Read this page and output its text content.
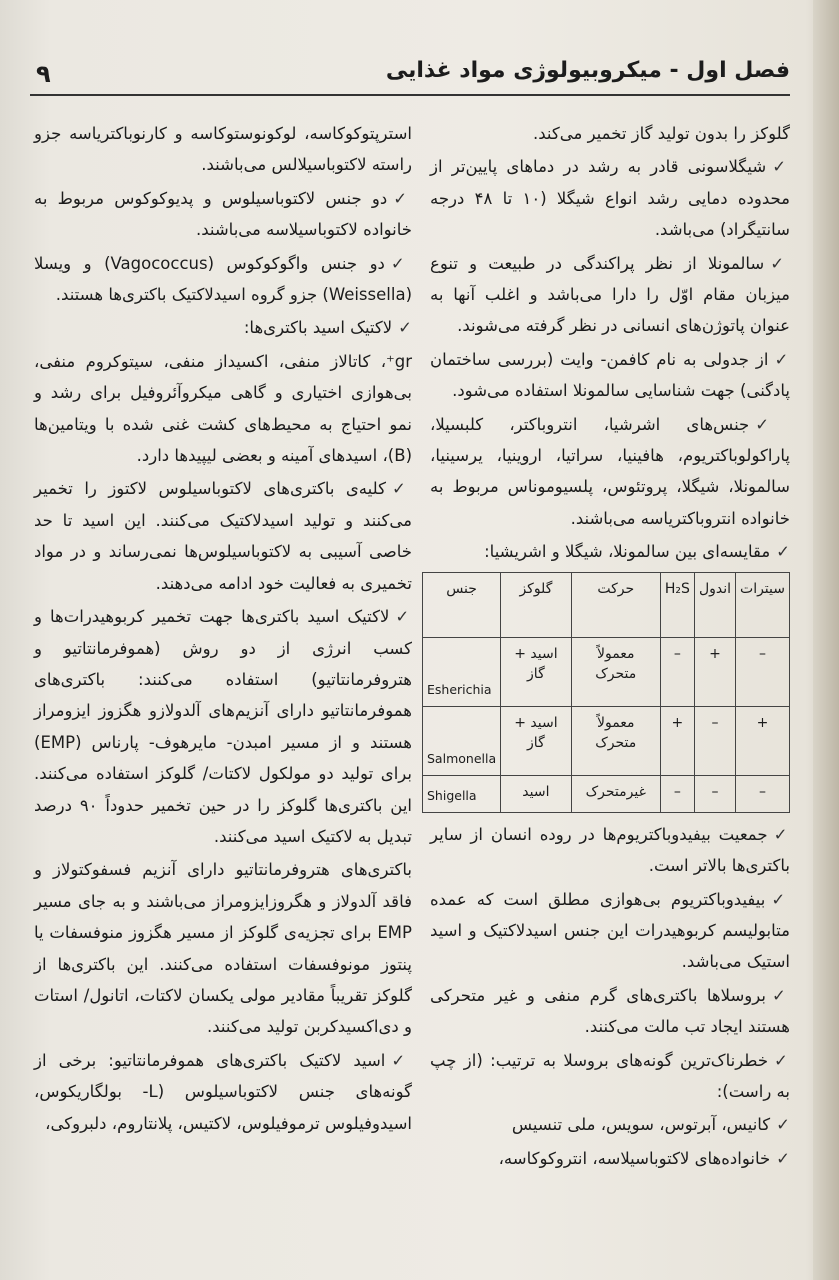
۹	فصل اول - میکروبیولوژی مواد غذایی

گلوکز را بدون تولید گاز تخمیر می‌کند.

✓شیگلاسونی قادر به رشد در دماهای پایین‌تر از محدوده دمایی رشد انواع شیگلا (۱۰ تا ۴۸ درجه سانتیگراد) می‌باشد.

✓سالمونلا از نظر پراکندگی در طبیعت و تنوع میزبان مقام اوّل را دارا می‌باشد و اغلب آنها به عنوان پاتوژن‌های انسانی در نظر گرفته می‌شوند.

✓از جدولی به نام کافمن- وایت (بررسی ساختمان پادگنی) جهت شناسایی سالمونلا استفاده می‌شود.

✓جنس‌های اشرشیا، انتروباکتر، کلبسیلا، پاراکولوباکتریوم، هافینیا، سراتیا، اروینیا، یرسینیا، سالمونلا، شیگلا، پروتئوس، پلسیوموناس مربوط به خانواده انتروباکتریاسه می‌باشند.

✓مقایسه‌ای بین سالمونلا، شیگلا و اشریشیا:

سیترات	اندول	H₂S	حرکت	گلوکز	جنس
–	+	–	معمولاً متحرک	اسید + گاز	Esherichia
+	–	+	معمولاً متحرک	اسید + گاز	Salmonella
–	–	–	غیرمتحرک	اسید	Shigella

✓جمعیت بیفیدوباکتریوم‌ها در روده انسان از سایر باکتری‌ها بالاتر است.

✓بیفیدوباکتریوم بی‌هوازی مطلق است که عمده متابولیسم کربوهیدرات این جنس اسیدلاکتیک و اسید استیک می‌باشد.

✓بروسلاها باکتری‌های گرم منفی و غیر متحرکی هستند ایجاد تب مالت می‌کنند.

✓خطرناک‌ترین گونه‌های بروسلا به ترتیب: (از چپ به راست):

✓کانیس، آبرتوس، سویس، ملی تنسیس

✓خانواده‌های لاکتوباسیلاسه، انتروکوکاسه،

استرپتوکوکاسه، لوکونوستوکاسه و کارنوباکتریاسه جزو راسته لاکتوباسیلالس می‌باشند.

✓دو جنس لاکتوباسیلوس و پدیوکوکوس مربوط به خانواده لاکتوباسیلاسه می‌باشند.

✓دو جنس واگوکوکوس (Vagococcus) و ویسلا (Weissella) جزو گروه اسیدلاکتیک باکتری‌ها هستند.

✓لاکتیک اسید باکتری‌ها:

gr⁺، کاتالاز منفی، اکسیداز منفی، سیتوکروم منفی، بی‌هوازی اختیاری و گاهی میکروآئروفیل برای رشد و نمو احتیاج به محیط‌های کشت غنی شده با ویتامین‌ها (B)، اسیدهای آمینه و بعضی لیپیدها دارد.

✓کلیه‌ی باکتری‌های لاکتوباسیلوس لاکتوز را تخمیر می‌کنند و تولید اسیدلاکتیک می‌کنند. این اسید تا حد خاصی آسیبی به لاکتوباسیلوس‌ها نمی‌رساند و در مواد تخمیری به فعالیت خود ادامه می‌دهند.

✓لاکتیک اسید باکتری‌ها جهت تخمیر کربوهیدرات‌ها و کسب انرژی از دو روش (هموفرمانتاتیو و هتروفرمانتاتیو) استفاده می‌کنند: باکتری‌های هموفرمانتاتیو دارای آنزیم‌های آلدولازو هگزوز ایزومراز هستند و از مسیر امبدن- مایرهوف- پارناس (EMP) برای تولید دو مولکول لاکتات/ گلوکز استفاده می‌کنند. این باکتری‌ها گلوکز را در حین تخمیر حدوداً ۹۰ درصد تبدیل به لاکتیک اسید می‌کنند.

باکتری‌های هتروفرمانتاتیو دارای آنزیم فسفوکتولاز و فاقد آلدولاز و هگروزایزومراز می‌باشند و به جای مسیر EMP برای تجزیه‌ی گلوکز از مسیر هگزوز منوفسفات یا پنتوز مونوفسفات استفاده می‌کنند. این باکتری‌ها از گلوکز تقریباً مقادیر مولی یکسان لاکتات، اتانول/ استات و دی‌اکسیدکربن تولید می‌کنند.

✓اسید لاکتیک باکتری‌های هموفرمانتاتیو: برخی از گونه‌های جنس لاکتوباسیلوس (L- بولگاریکوس، اسیدوفیلوس ترموفیلوس، لاکتیس، پلانتاروم، دلبروکی،
